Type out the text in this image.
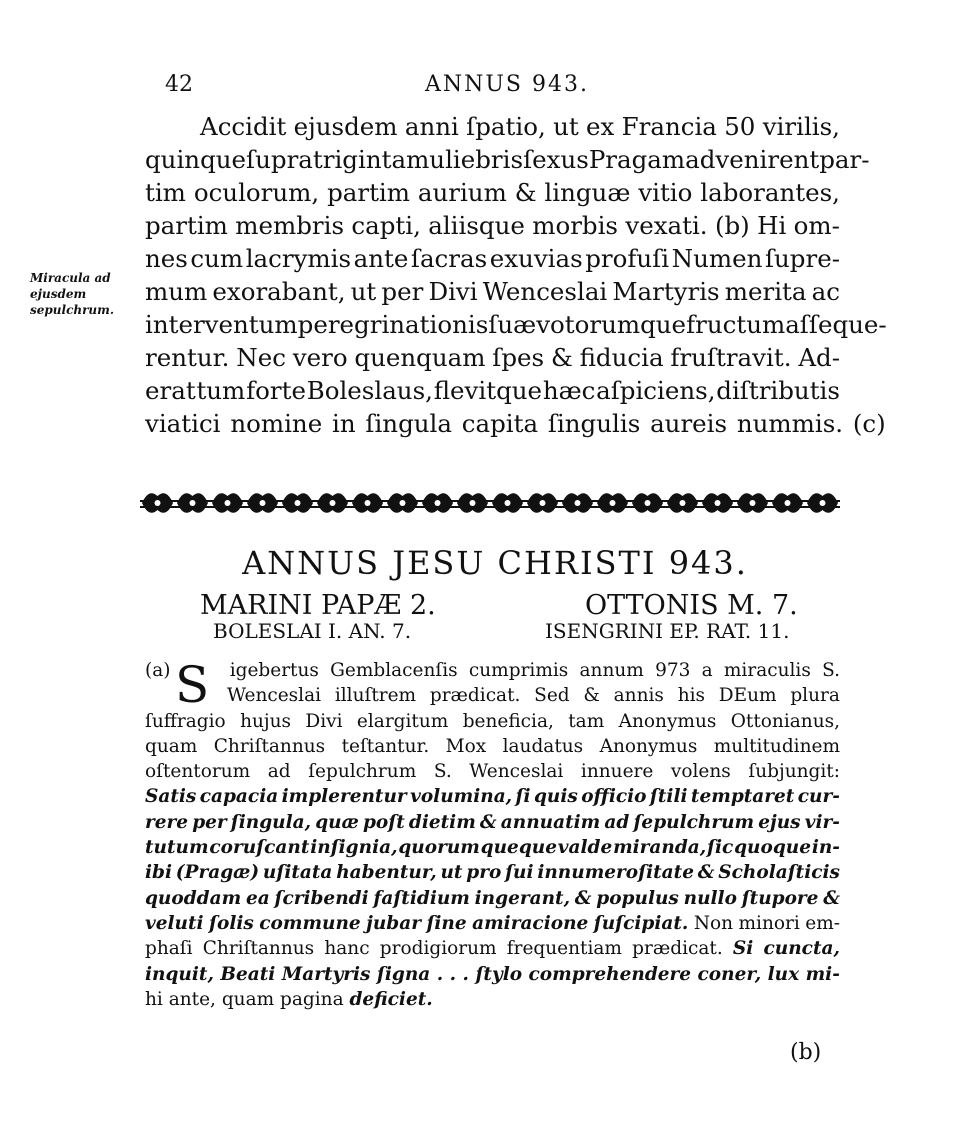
42	ANNUS 943.
Miracula ad ejusdem sepulchrum.
Accidit ejusdem anni ſpatio, ut ex Francia 50 virilis,
quinque ſupra triginta muliebris ſexus Pragam advenirent par-
tim oculorum, partim aurium & linguæ vitio laborantes,
partim membris capti, aliisque morbis vexati. (b) Hi om-
nes cum lacrymis ante ſacras exuvias profuſi Numen ſupre-
mum exorabant, ut per Divi Wenceslai Martyris merita ac
interventum peregrinationis ſuæ votorumque fructum aſſeque-
rentur. Nec vero quenquam ſpes & fiducia fruſtravit. Ad-
erat tum forte Boleslaus, flevitque hæc aſpiciens, diſtributis
viatici nomine in ſingula capita ſingulis aureis nummis. (c)
ANNUS JESU CHRISTI 943.
MARINI PAPÆ 2.	OTTONIS M. 7.
BOLESLAI I. AN. 7.	ISENGRINI EP. RAT. 11.
S
(a)	igebertus Gemblacenſis cumprimis annum 973 a miraculis S.
Wenceslai illuſtrem prædicat. Sed & annis his DEum plura
ſuffragio hujus Divi elargitum beneficia, tam Anonymus Ottonianus,
quam Chriſtannus teſtantur. Mox laudatus Anonymus multitudinem
oſtentorum ad ſepulchrum S. Wenceslai innuere volens ſubjungit:
Satis capacia implerentur volumina, ſi quis officio ſtili temptaret cur-
rere per ſingula, quæ poſt dietim & annuatim ad ſepulchrum ejus vir-
tutum coruſcant inſignia, quorum queque valde miranda, ſic quoque in-
ibi (Pragæ) uſitata habentur, ut pro ſui innumeroſitate & Scholaſticis
quoddam ea ſcribendi faſtidium ingerant, & populus nullo ſtupore &
veluti ſolis commune jubar ſine amiracione ſuſcipiat. Non minori em-
phaſi Chriſtannus hanc prodigiorum frequentiam prædicat. Si cuncta,
inquit, Beati Martyris ſigna . . . ſtylo comprehendere coner, lux mi-
hi ante, quam pagina deficiet.
(b)
